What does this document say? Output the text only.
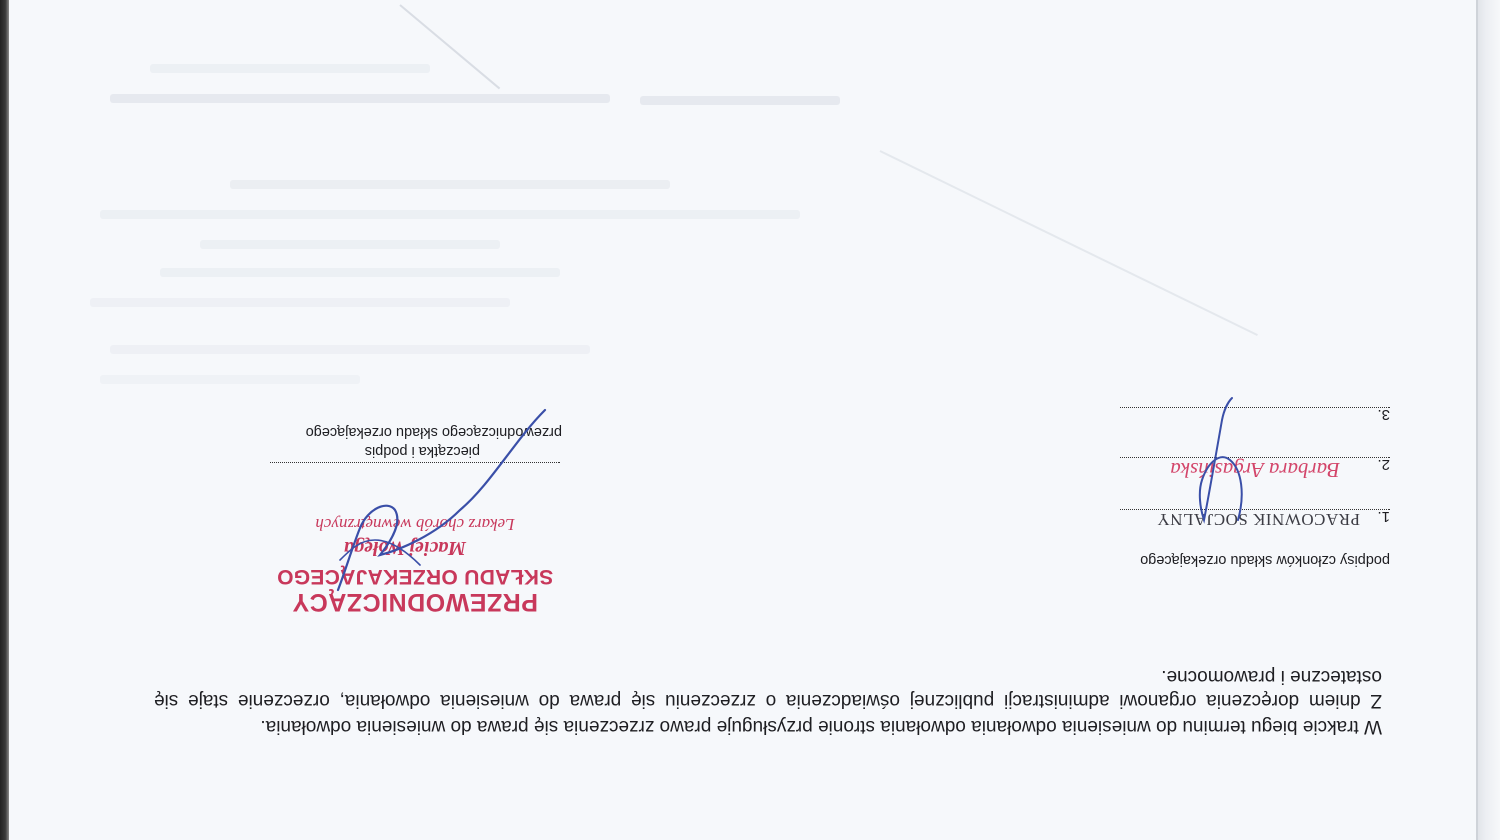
W trakcie biegu terminu do wniesienia odwołania odwołania stronie przysługuje prawo zrzeczenia się prawa do wniesienia odwołania.
Z dniem doręczenia organowi administracji publicznej oświadczenia o zrzeczeniu się prawa do wniesienia odwołania, orzeczenie staje się ostateczne i prawomocne.
podpisy członków składu orzekającego
1.
PRACOWNIK SOCJALNY
2.
Barbara Argasińska
3.
PRZEWODNICZĄCY
SKŁADU ORZEKAJĄCEGO
Maciej Wołęga
Lekarz chorób wewnętrznych
pieczątka i podpis
przewodniczącego składu orzekającego
